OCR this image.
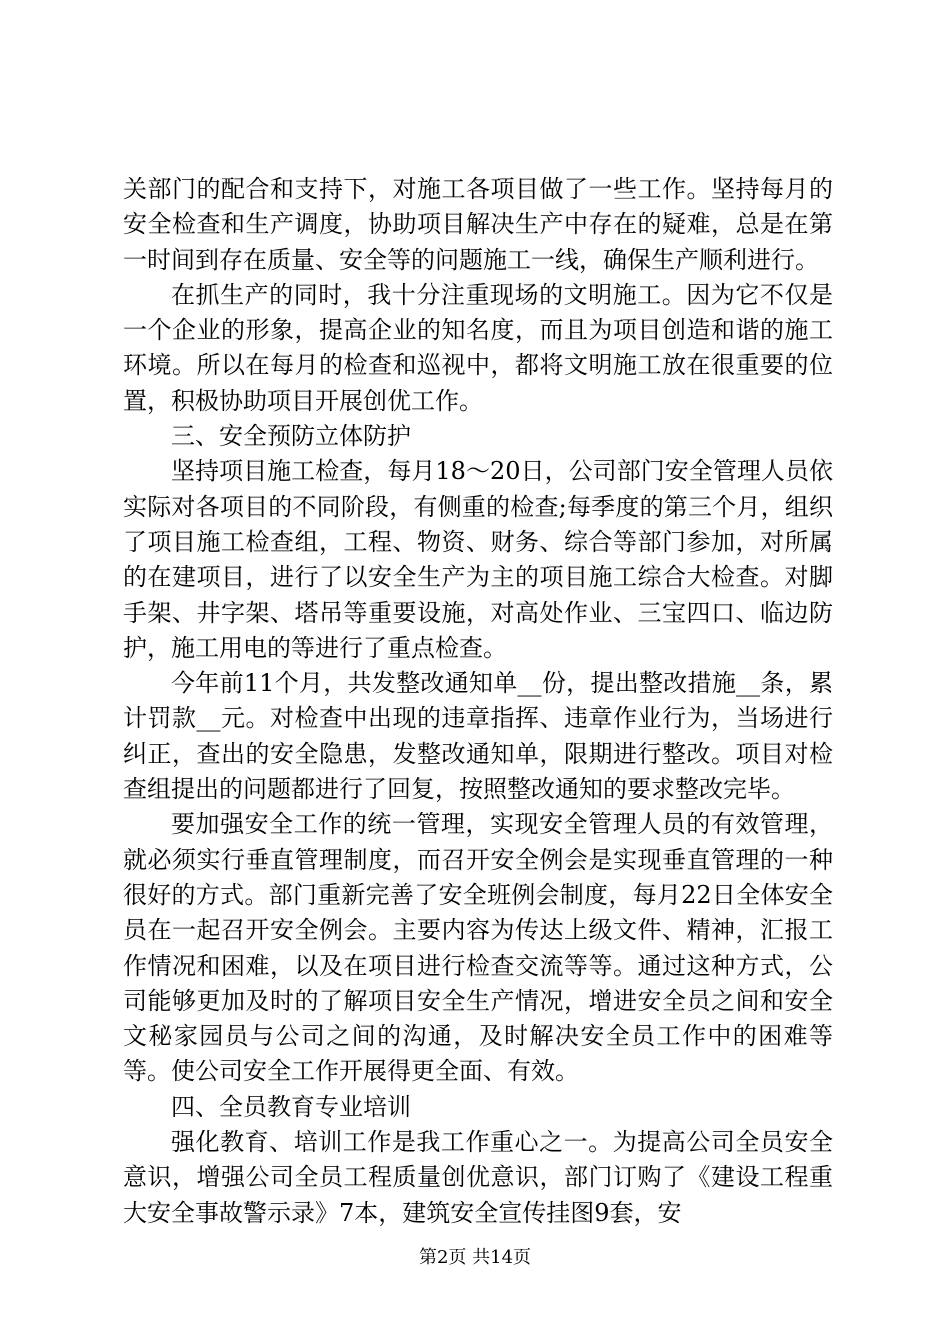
关部门的配合和支持下，对施工各项目做了一些工作。坚持每月的安全检查和生产调度，协助项目解决生产中存在的疑难，总是在第一时间到存在质量、安全等的问题施工一线，确保生产顺利进行。

在抓生产的同时，我十分注重现场的文明施工。因为它不仅是一个企业的形象，提高企业的知名度，而且为项目创造和谐的施工环境。所以在每月的检查和巡视中，都将文明施工放在很重要的位置，积极协助项目开展创优工作。

三、安全预防立体防护

坚持项目施工检查，每月18～20日，公司部门安全管理人员依实际对各项目的不同阶段，有侧重的检查;每季度的第三个月，组织了项目施工检查组，工程、物资、财务、综合等部门参加，对所属的在建项目，进行了以安全生产为主的项目施工综合大检查。对脚手架、井字架、塔吊等重要设施，对高处作业、三宝四口、临边防护，施工用电的等进行了重点检查。

今年前11个月，共发整改通知单__份，提出整改措施__条，累计罚款__元。对检查中出现的违章指挥、违章作业行为，当场进行纠正，查出的安全隐患，发整改通知单，限期进行整改。项目对检查组提出的问题都进行了回复，按照整改通知的要求整改完毕。

要加强安全工作的统一管理，实现安全管理人员的有效管理，就必须实行垂直管理制度，而召开安全例会是实现垂直管理的一种很好的方式。部门重新完善了安全班例会制度，每月22日全体安全员在一起召开安全例会。主要内容为传达上级文件、精神，汇报工作情况和困难，以及在项目进行检查交流等等。通过这种方式，公司能够更加及时的了解项目安全生产情况，增进安全员之间和安全文秘家园员与公司之间的沟通，及时解决安全员工作中的困难等等。使公司安全工作开展得更全面、有效。

四、全员教育专业培训

强化教育、培训工作是我工作重心之一。为提高公司全员安全意识，增强公司全员工程质量创优意识，部门订购了《建设工程重大安全事故警示录》7本，建筑安全宣传挂图9套，安

第2页 共14页
